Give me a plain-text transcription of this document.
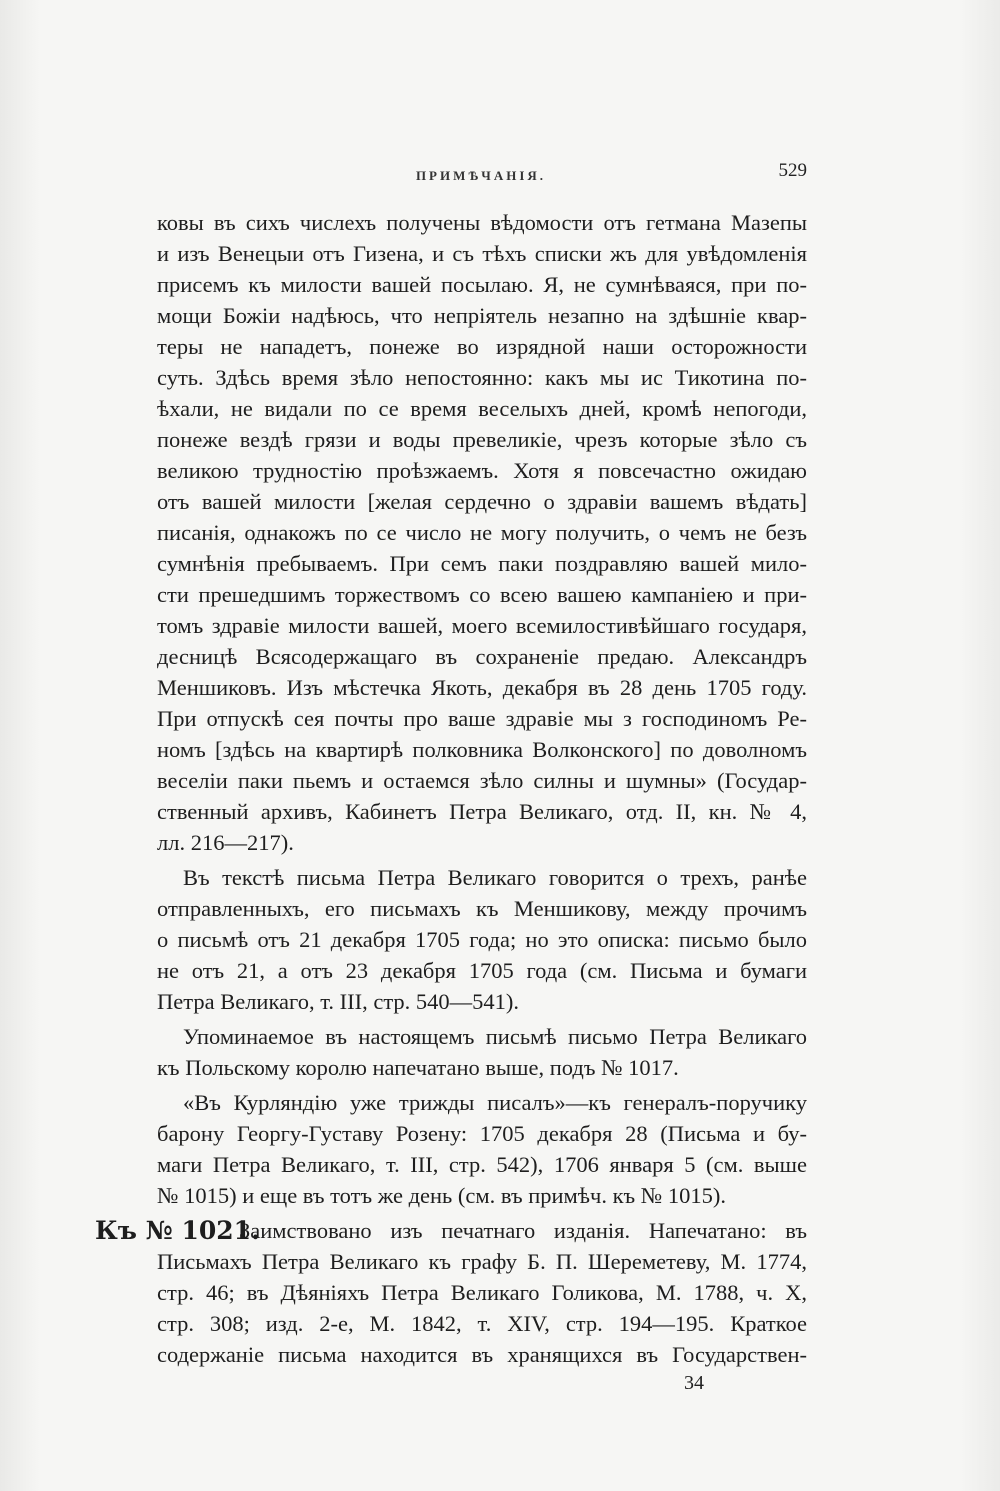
ПРИМѢЧАНІЯ.	529
ковы въ сихъ числехъ получены вѣдомости отъ гетмана Мазепы
и изъ Венецыи отъ Гизена, и съ тѣхъ списки жъ для увѣдомленія
присемъ къ милости вашей посылаю. Я, не сумнѣваяся, при по-
мощи Божіи надѣюсь, что непріятель незапно на здѣшніе квар-
теры не нападетъ, понеже во изрядной наши осторожности
суть. Здѣсь время зѣло непостоянно: какъ мы ис Тикотина по-
ѣхали, не видали по се время веселыхъ дней, кромѣ непогоди,
понеже вездѣ грязи и воды превеликіе, чрезъ которые зѣло съ
великою трудностію проѣзжаемъ. Хотя я повсечастно ожидаю
отъ вашей милости [желая сердечно о здравіи вашемъ вѣдать]
писанія, однакожъ по се число не могу получить, о чемъ не безъ
сумнѣнія пребываемъ. При семъ паки поздравляю вашей мило-
сти прешедшимъ торжествомъ со всею вашею кампаніею и при-
томъ здравіе милости вашей, моего всемилостивѣйшаго государя,
десницѣ Всясодержащаго въ сохраненіе предаю. Александръ
Меншиковъ. Изъ мѣстечка Якоть, декабря въ 28 день 1705 году.
При отпускѣ сея почты про ваше здравіе мы з господиномъ Ре-
номъ [здѣсь на квартирѣ полковника Волконского] по доволномъ
веселіи паки пьемъ и остаемся зѣло силны и шумны» (Государ-
ственный архивъ, Кабинетъ Петра Великаго, отд. II, кн. № 4,
лл. 216—217).
Въ текстѣ письма Петра Великаго говорится о трехъ, ранѣе
отправленныхъ, его письмахъ къ Меншикову, между прочимъ
о письмѣ отъ 21 декабря 1705 года; но это описка: письмо было
не отъ 21, а отъ 23 декабря 1705 года (см. Письма и бумаги
Петра Великаго, т. III, стр. 540—541).
Упоминаемое въ настоящемъ письмѣ письмо Петра Великаго
къ Польскому королю напечатано выше, подъ № 1017.
«Въ Курляндію уже трижды писалъ»—къ генералъ-поручику
барону Георгу-Густаву Розену: 1705 декабря 28 (Письма и бу-
маги Петра Великаго, т. III, стр. 542), 1706 января 5 (см. выше
№ 1015) и еще въ тотъ же день (см. въ примѣч. къ № 1015).
Къ № 1021.
Заимствовано изъ печатнаго изданія. Напечатано: въ
Письмахъ Петра Великаго къ графу Б. П. Шереметеву, М. 1774,
стр. 46; въ Дѣяніяхъ Петра Великаго Голикова, М. 1788, ч. X,
стр. 308; изд. 2-е, М. 1842, т. XIV, стр. 194—195. Краткое
содержаніе письма находится въ хранящихся въ Государствен-
34
